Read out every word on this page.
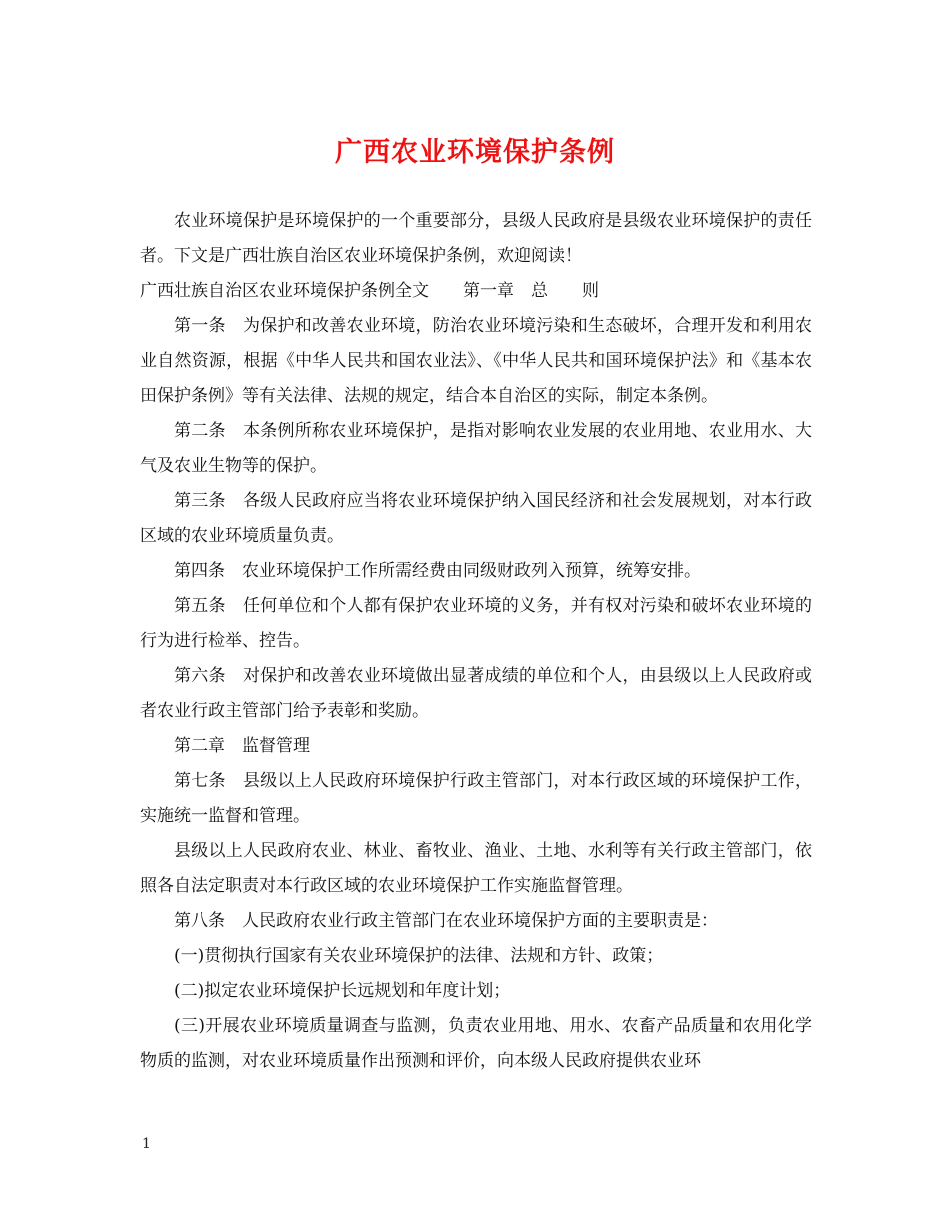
广西农业环境保护条例

农业环境保护是环境保护的一个重要部分，县级人民政府是县级农业环境保护的责任者。下文是广西壮族自治区农业环境保护条例，欢迎阅读！

广西壮族自治区农业环境保护条例全文　　第一章　总　　则

第一条　为保护和改善农业环境，防治农业环境污染和生态破坏，合理开发和利用农业自然资源，根据《中华人民共和国农业法》、《中华人民共和国环境保护法》和《基本农田保护条例》等有关法律、法规的规定，结合本自治区的实际，制定本条例。

第二条　本条例所称农业环境保护，是指对影响农业发展的农业用地、农业用水、大气及农业生物等的保护。

第三条　各级人民政府应当将农业环境保护纳入国民经济和社会发展规划，对本行政区域的农业环境质量负责。

第四条　农业环境保护工作所需经费由同级财政列入预算，统筹安排。

第五条　任何单位和个人都有保护农业环境的义务，并有权对污染和破坏农业环境的行为进行检举、控告。

第六条　对保护和改善农业环境做出显著成绩的单位和个人，由县级以上人民政府或者农业行政主管部门给予表彰和奖励。

第二章　监督管理

第七条　县级以上人民政府环境保护行政主管部门，对本行政区域的环境保护工作，实施统一监督和管理。

县级以上人民政府农业、林业、畜牧业、渔业、土地、水利等有关行政主管部门，依照各自法定职责对本行政区域的农业环境保护工作实施监督管理。

第八条　人民政府农业行政主管部门在农业环境保护方面的主要职责是：

(一)贯彻执行国家有关农业环境保护的法律、法规和方针、政策；

(二)拟定农业环境保护长远规划和年度计划；

(三)开展农业环境质量调查与监测，负责农业用地、用水、农畜产品质量和农用化学物质的监测，对农业环境质量作出预测和评价，向本级人民政府提供农业环

1
